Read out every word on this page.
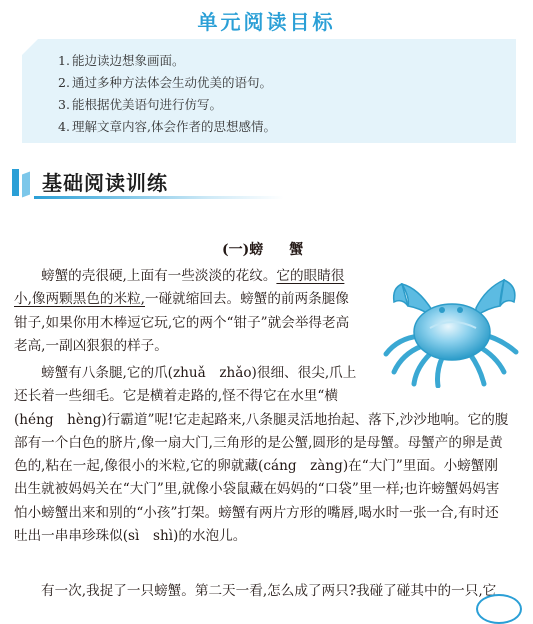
单元阅读目标
1. 能边读边想象画面。
2. 通过多种方法体会生动优美的语句。
3. 能根据优美语句进行仿写。
4. 理解文章内容,体会作者的思想感情。
基础阅读训练
(一)螃 蟹
螃蟹的壳很硬,上面有一些淡淡的花纹。它的眼睛很
小,像两颗黑色的米粒,一碰就缩回去。螃蟹的前两条腿像
钳子,如果你用木棒逗它玩,它的两个“钳子”就会举得老高
老高,一副凶狠狠的样子。
螃蟹有八条腿,它的爪(zhuǎ　zhǎo)很细、很尖,爪上
还长着一些细毛。它是横着走路的,怪不得它在水里“横
(héng　hèng)行霸道”呢!它走起路来,八条腿灵活地抬起、落下,沙沙地响。它的腹
部有一个白色的脐片,像一扇大门,三角形的是公蟹,圆形的是母蟹。母蟹产的卵是黄
色的,粘在一起,像很小的米粒,它的卵就藏(cáng　zàng)在“大门”里面。小螃蟹刚
出生就被妈妈关在“大门”里,就像小袋鼠藏在妈妈的“口袋”里一样;也许螃蟹妈妈害
怕小螃蟹出来和别的“小孩”打架。螃蟹有两片方形的嘴唇,喝水时一张一合,有时还
吐出一串串珍珠似(sì　shì)的水泡儿。
有一次,我捉了一只螃蟹。第二天一看,怎么成了两只?我碰了碰其中的一只,它
